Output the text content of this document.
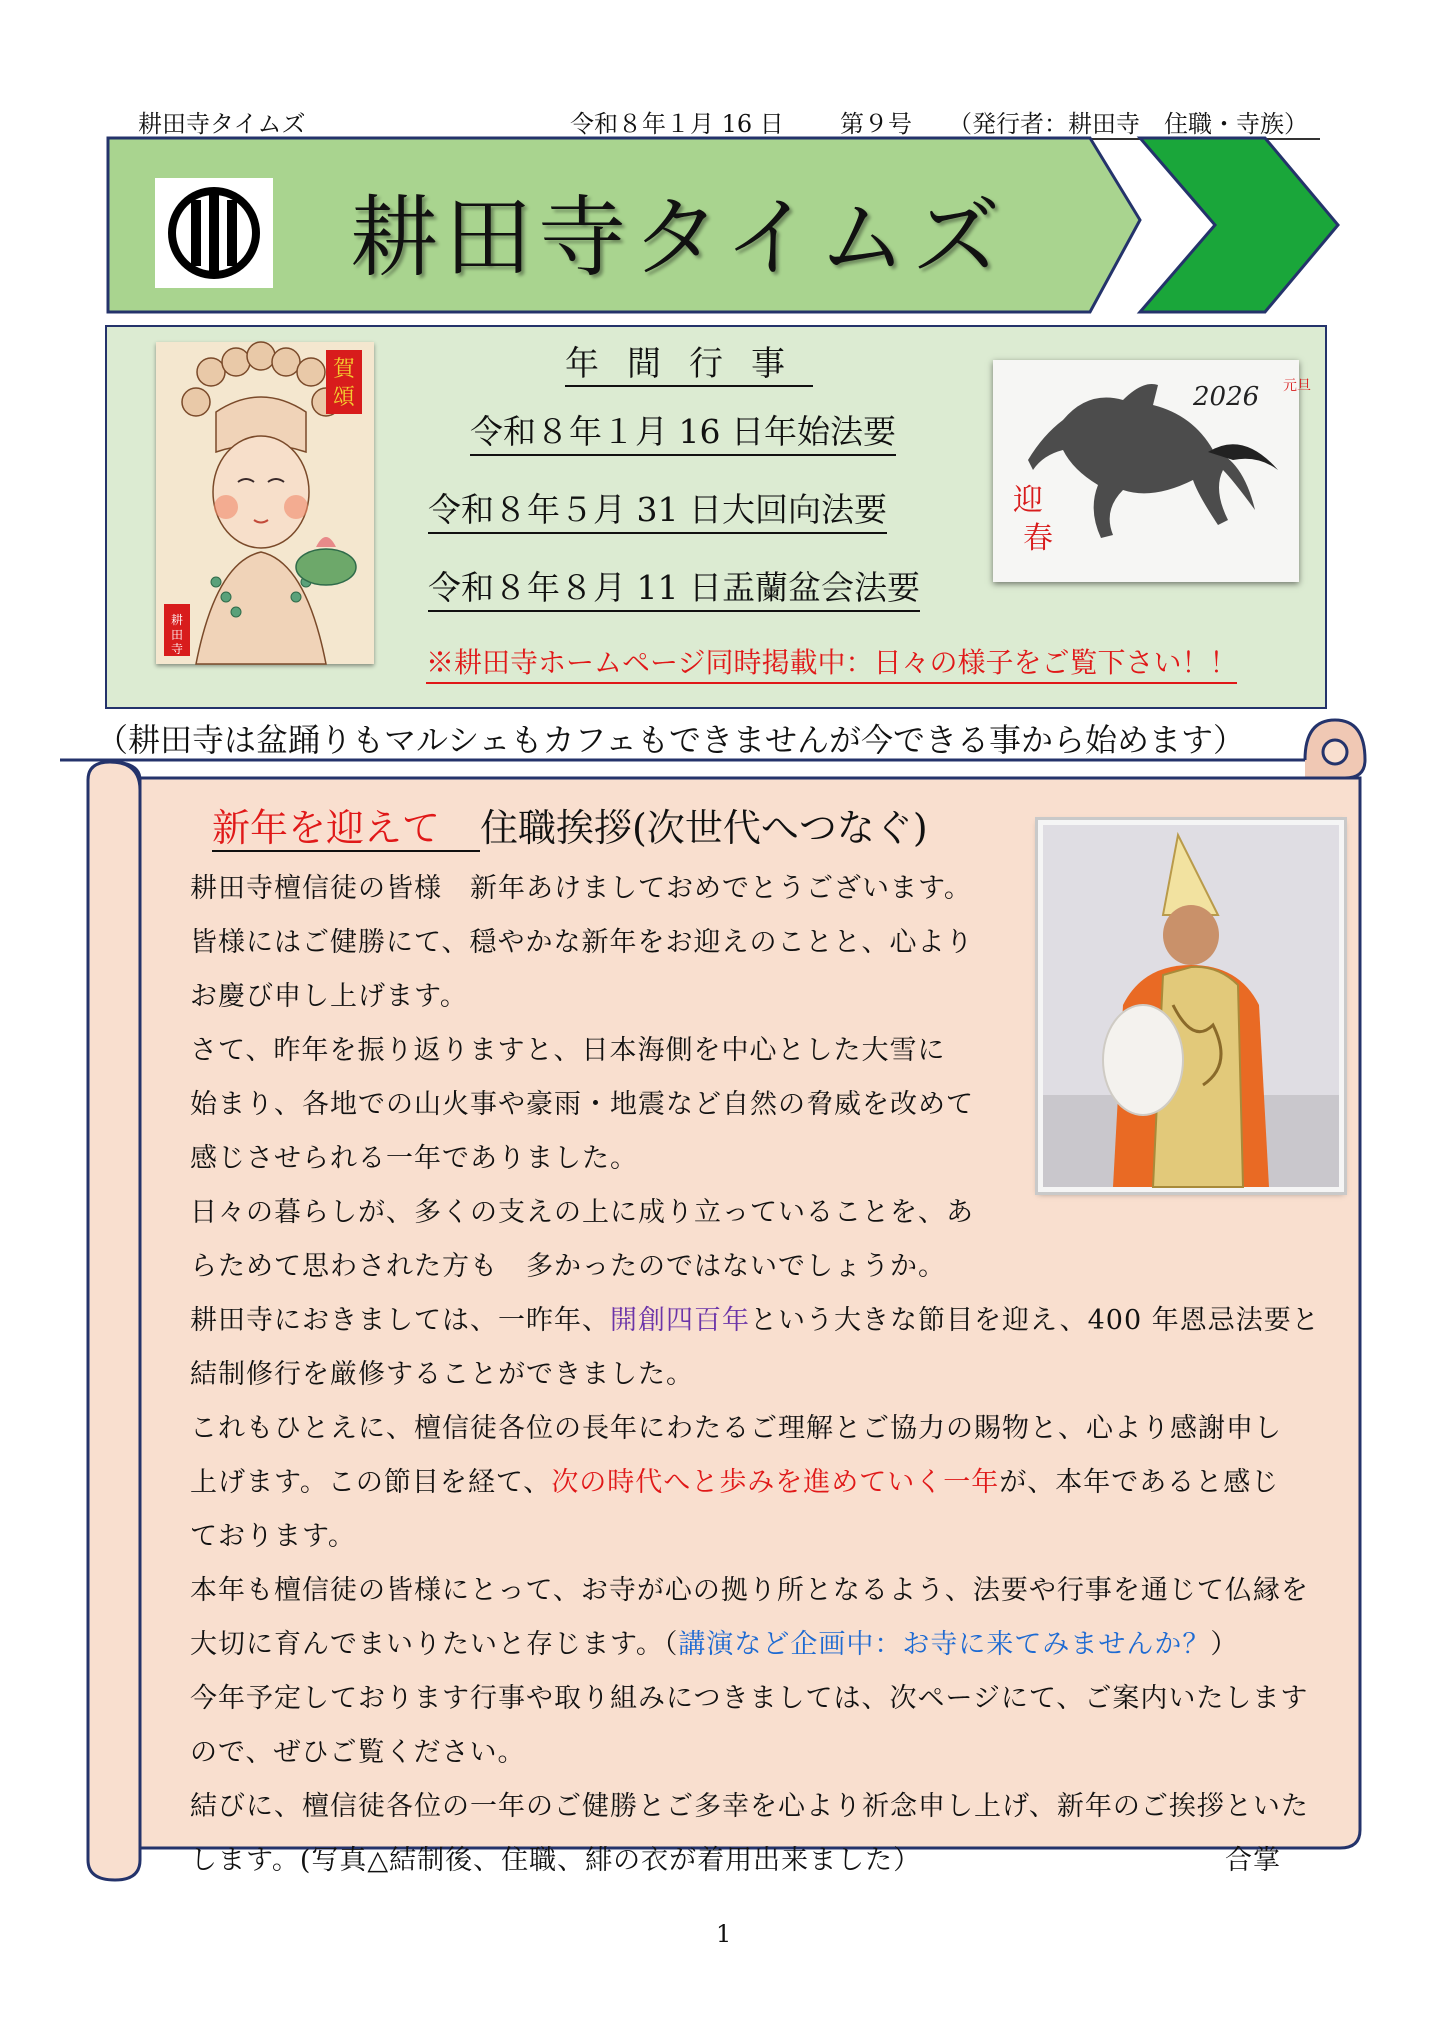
耕田寺タイムズ	令和８年１月 16 日 第９号 （発行者：耕田寺　住職・寺族）
耕田寺タイムズ
賀
頌
耕
田
寺
2026 元旦
迎
春
年間行事
令和８年１月 16 日年始法要
令和８年５月 31 日大回向法要
令和８年８月 11 日盂蘭盆会法要
※耕田寺ホームページ同時掲載中：日々の様子をご覧下さい！！
（耕田寺は盆踊りもマルシェもカフェもできませんが今できる事から始めます）
新年を迎えて 住職挨拶(次世代へつなぐ)
耕田寺檀信徒の皆様　新年あけましておめでとうございます。
皆様にはご健勝にて、穏やかな新年をお迎えのことと、心より
お慶び申し上げます。
さて、昨年を振り返りますと、日本海側を中心とした大雪に
始まり、各地での山火事や豪雨・地震など自然の脅威を改めて
感じさせられる一年でありました。
日々の暮らしが、多くの支えの上に成り立っていることを、あ
らためて思わされた方も　多かったのではないでしょうか。
耕田寺におきましては、一昨年、開創四百年という大きな節目を迎え、400 年恩忌法要と
結制修行を厳修することができました。
これもひとえに、檀信徒各位の長年にわたるご理解とご協力の賜物と、心より感謝申し
上げます。この節目を経て、次の時代へと歩みを進めていく一年が、本年であると感じ
ております。
本年も檀信徒の皆様にとって、お寺が心の拠り所となるよう、法要や行事を通じて仏縁を
大切に育んでまいりたいと存じます。（講演など企画中：お寺に来てみませんか？）
今年予定しております行事や取り組みにつきましては、次ページにて、ご案内いたします
ので、ぜひご覧ください。
結びに、檀信徒各位の一年のご健勝とご多幸を心より祈念申し上げ、新年のご挨拶といた
します。(写真△結制後、住職、緋の衣が着用出来ました）	合掌
1
